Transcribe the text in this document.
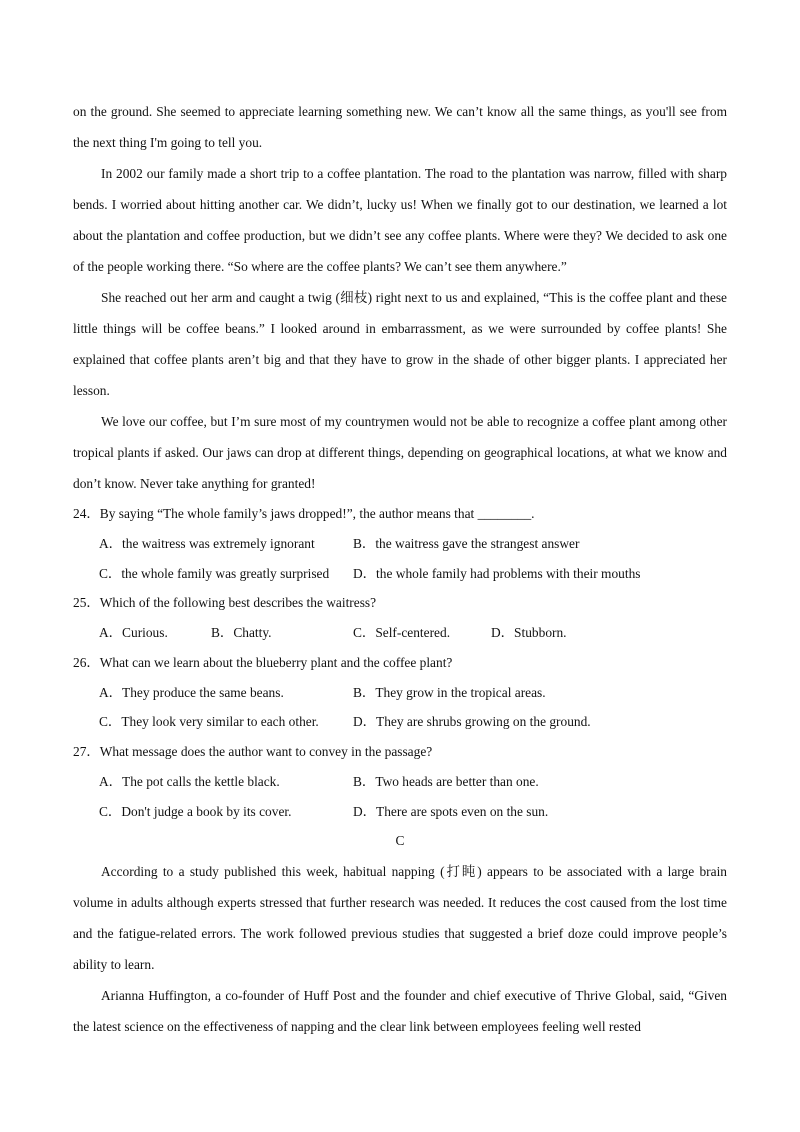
on the ground. She seemed to appreciate learning something new. We can’t know all the same things, as you'll see from the next thing I'm going to tell you.

In 2002 our family made a short trip to a coffee plantation. The road to the plantation was narrow, filled with sharp bends. I worried about hitting another car. We didn’t, lucky us! When we finally got to our destination, we learned a lot about the plantation and coffee production, but we didn’t see any coffee plants. Where were they? We decided to ask one of the people working there. “So where are the coffee plants? We can’t see them anywhere.”

She reached out her arm and caught a twig (细枝) right next to us and explained, “This is the coffee plant and these little things will be coffee beans.” I looked around in embarrassment, as we were surrounded by coffee plants! She explained that coffee plants aren’t big and that they have to grow in the shade of other bigger plants. I appreciated her lesson.

We love our coffee, but I’m sure most of my countrymen would not be able to recognize a coffee plant among other tropical plants if asked. Our jaws can drop at different things, depending on geographical locations, at what we know and don’t know. Never take anything for granted!

24．By saying “The whole family’s jaws dropped!”, the author means that ________.

A．the waitress was extremely ignorant	B．the waitress gave the strangest answer
C．the whole family was greatly surprised D．the whole family had problems with their mouths

25．Which of the following best describes the waitress?

A．Curious.	B．Chatty.	C．Self-centered.	D．Stubborn.

26．What can we learn about the blueberry plant and the coffee plant?

A．They produce the same beans.	B．They grow in the tropical areas.
C．They look very similar to each other.	D．They are shrubs growing on the ground.

27．What message does the author want to convey in the passage?

A．The pot calls the kettle black.	B．Two heads are better than one.
C．Don't judge a book by its cover.	D．There are spots even on the sun.

C

According to a study published this week, habitual napping (打盹) appears to be associated with a large brain volume in adults although experts stressed that further research was needed. It reduces the cost caused from the lost time and the fatigue-related errors. The work followed previous studies that suggested a brief doze could improve people’s ability to learn.

Arianna Huffington, a co-founder of Huff Post and the founder and chief executive of Thrive Global, said, “Given the latest science on the effectiveness of napping and the clear link between employees feeling well rested
